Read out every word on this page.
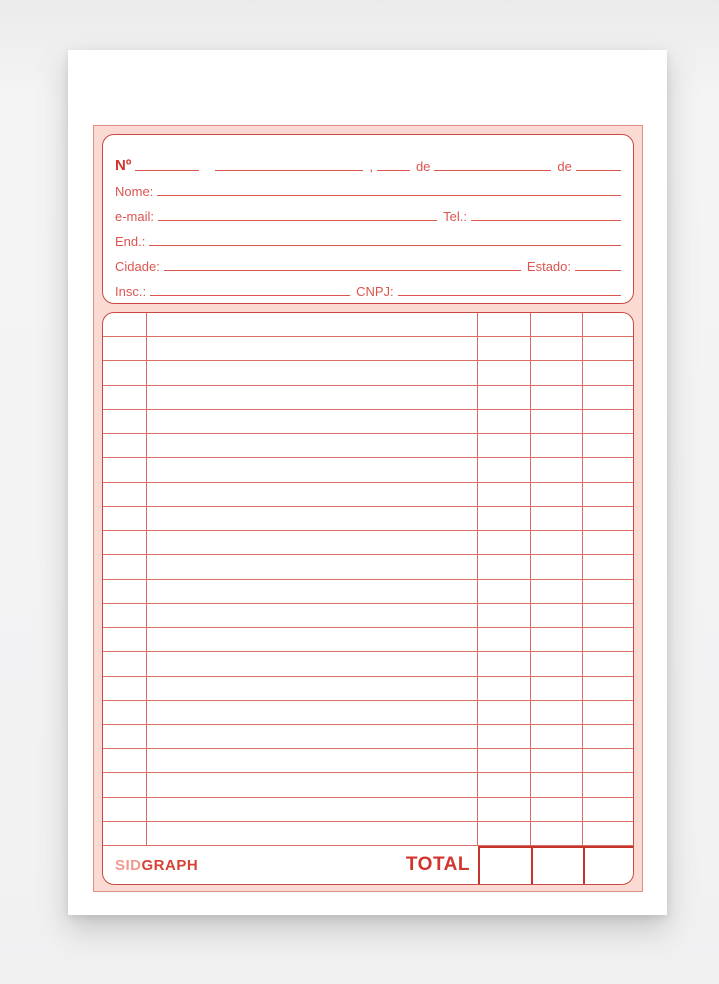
Nº	,	de	de
Nome:
e-mail:	Tel.:
End.:
Cidade:	Estado:
Insc.:	CNPJ:
SIDGRAPH	TOTAL
